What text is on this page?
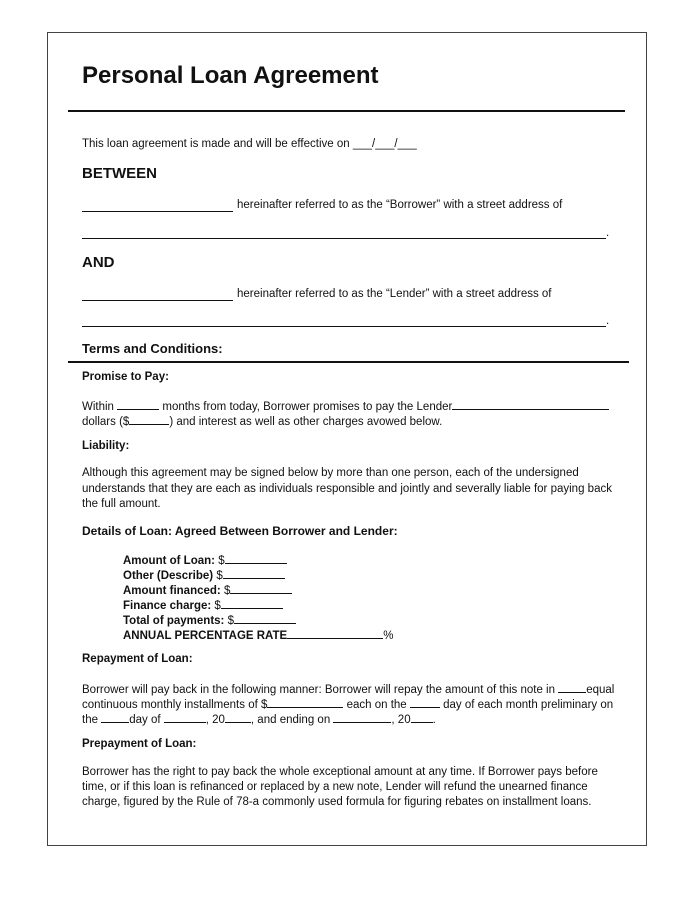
Personal Loan Agreement
This loan agreement is made and will be effective on ___/___/___
BETWEEN
hereinafter referred to as the “Borrower” with a street address of
.
AND
hereinafter referred to as the “Lender” with a street address of
.
Terms and Conditions:
Promise to Pay:
Within	months from today, Borrower promises to pay the Lender
dollars ($	) and interest as well as other charges avowed below.
Liability:
Although this agreement may be signed below by more than one person, each of the undersigned
understands that they are each as individuals responsible and jointly and severally liable for paying back
the full amount.
Details of Loan: Agreed Between Borrower and Lender:
Amount of Loan: $
Other (Describe) $
Amount financed: $
Finance charge: $
Total of payments: $
ANNUAL PERCENTAGE RATE	%
Repayment of Loan:
Borrower will pay back in the following manner: Borrower will repay the amount of this note in	equal
continuous monthly installments of $	each on the	day of each month preliminary on
the	day of	, 20 , and ending on	, 20 .
Prepayment of Loan:
Borrower has the right to pay back the whole exceptional amount at any time. If Borrower pays before
time, or if this loan is refinanced or replaced by a new note, Lender will refund the unearned finance
charge, figured by the Rule of 78-a commonly used formula for figuring rebates on installment loans.
